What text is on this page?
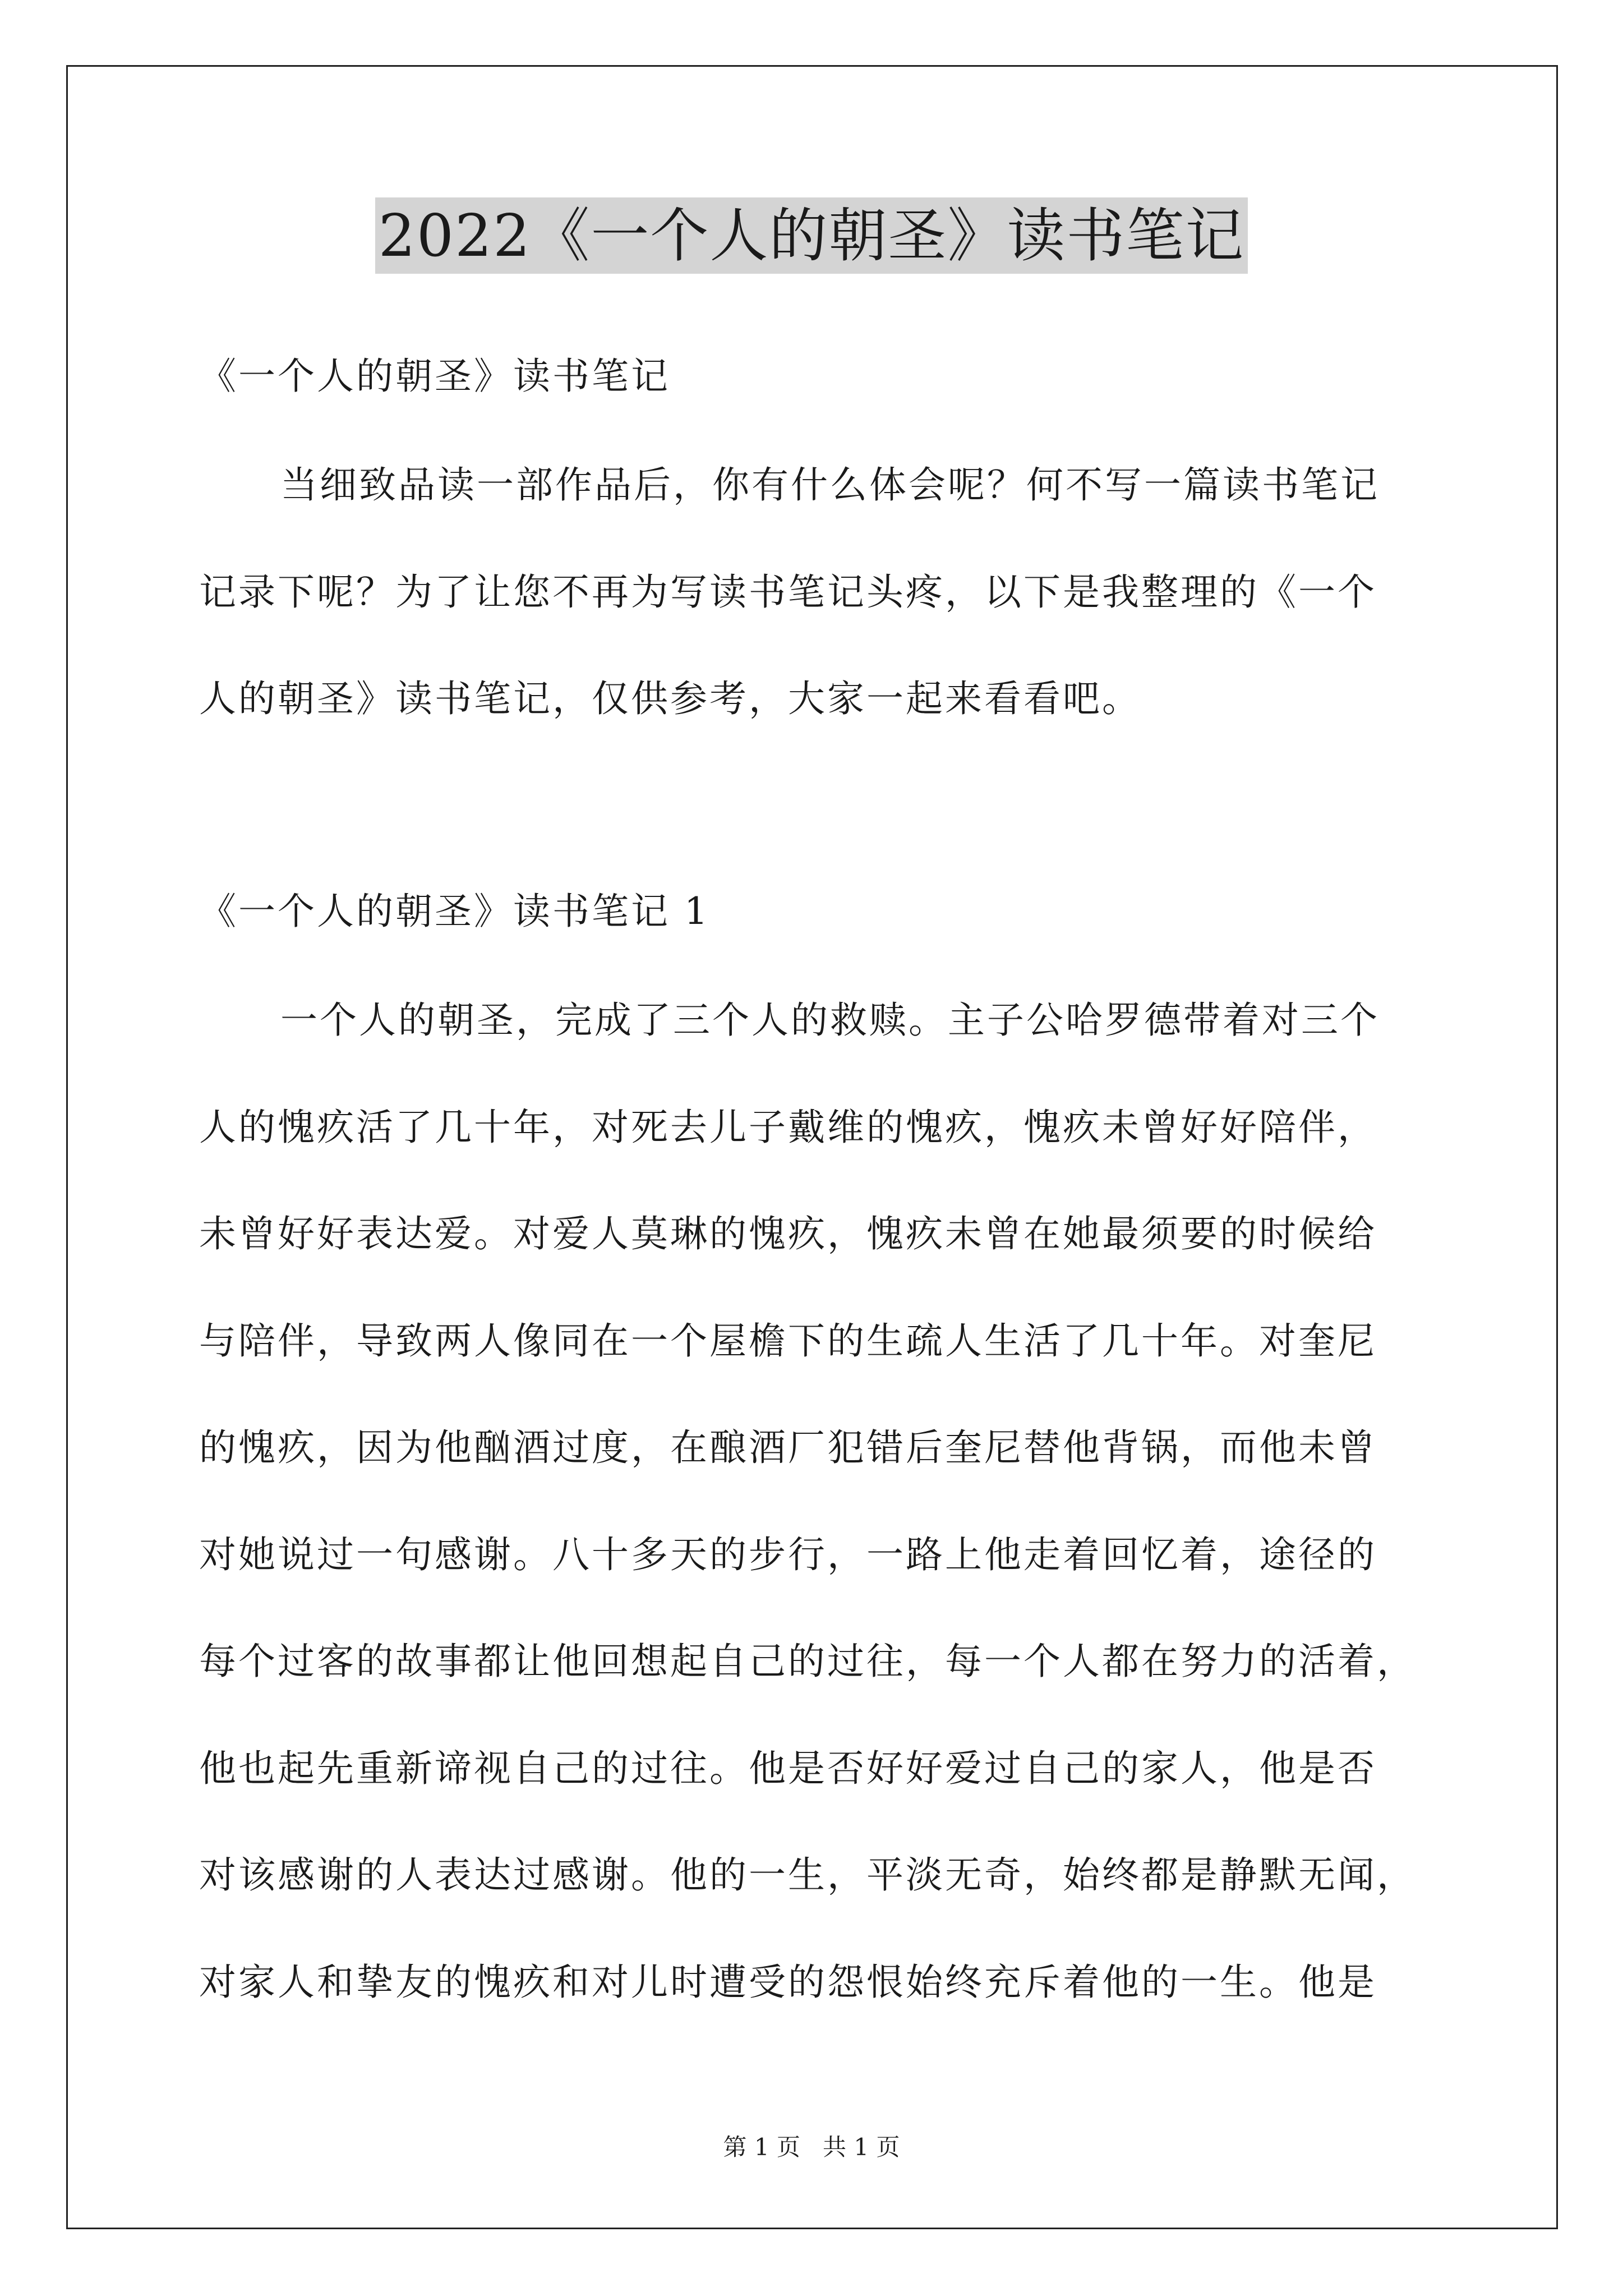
2022《一个人的朝圣》读书笔记
《一个人的朝圣》读书笔记
当细致品读一部作品后，你有什么体会呢？何不写一篇读书笔记
记录下呢？为了让您不再为写读书笔记头疼，以下是我整理的《一个
人的朝圣》读书笔记，仅供参考，大家一起来看看吧。
《一个人的朝圣》读书笔记 1
一个人的朝圣，完成了三个人的救赎。主子公哈罗德带着对三个
人的愧疚活了几十年，对死去儿子戴维的愧疚，愧疚未曾好好陪伴，
未曾好好表达爱。对爱人莫琳的愧疚，愧疚未曾在她最须要的时候给
与陪伴，导致两人像同在一个屋檐下的生疏人生活了几十年。对奎尼
的愧疚，因为他酗酒过度，在酿酒厂犯错后奎尼替他背锅，而他未曾
对她说过一句感谢。八十多天的步行，一路上他走着回忆着，途径的
每个过客的故事都让他回想起自己的过往，每一个人都在努力的活着，
他也起先重新谛视自己的过往。他是否好好爱过自己的家人，他是否
对该感谢的人表达过感谢。他的一生，平淡无奇，始终都是静默无闻，
对家人和挚友的愧疚和对儿时遭受的怨恨始终充斥着他的一生。他是
第 1 页   共 1 页
